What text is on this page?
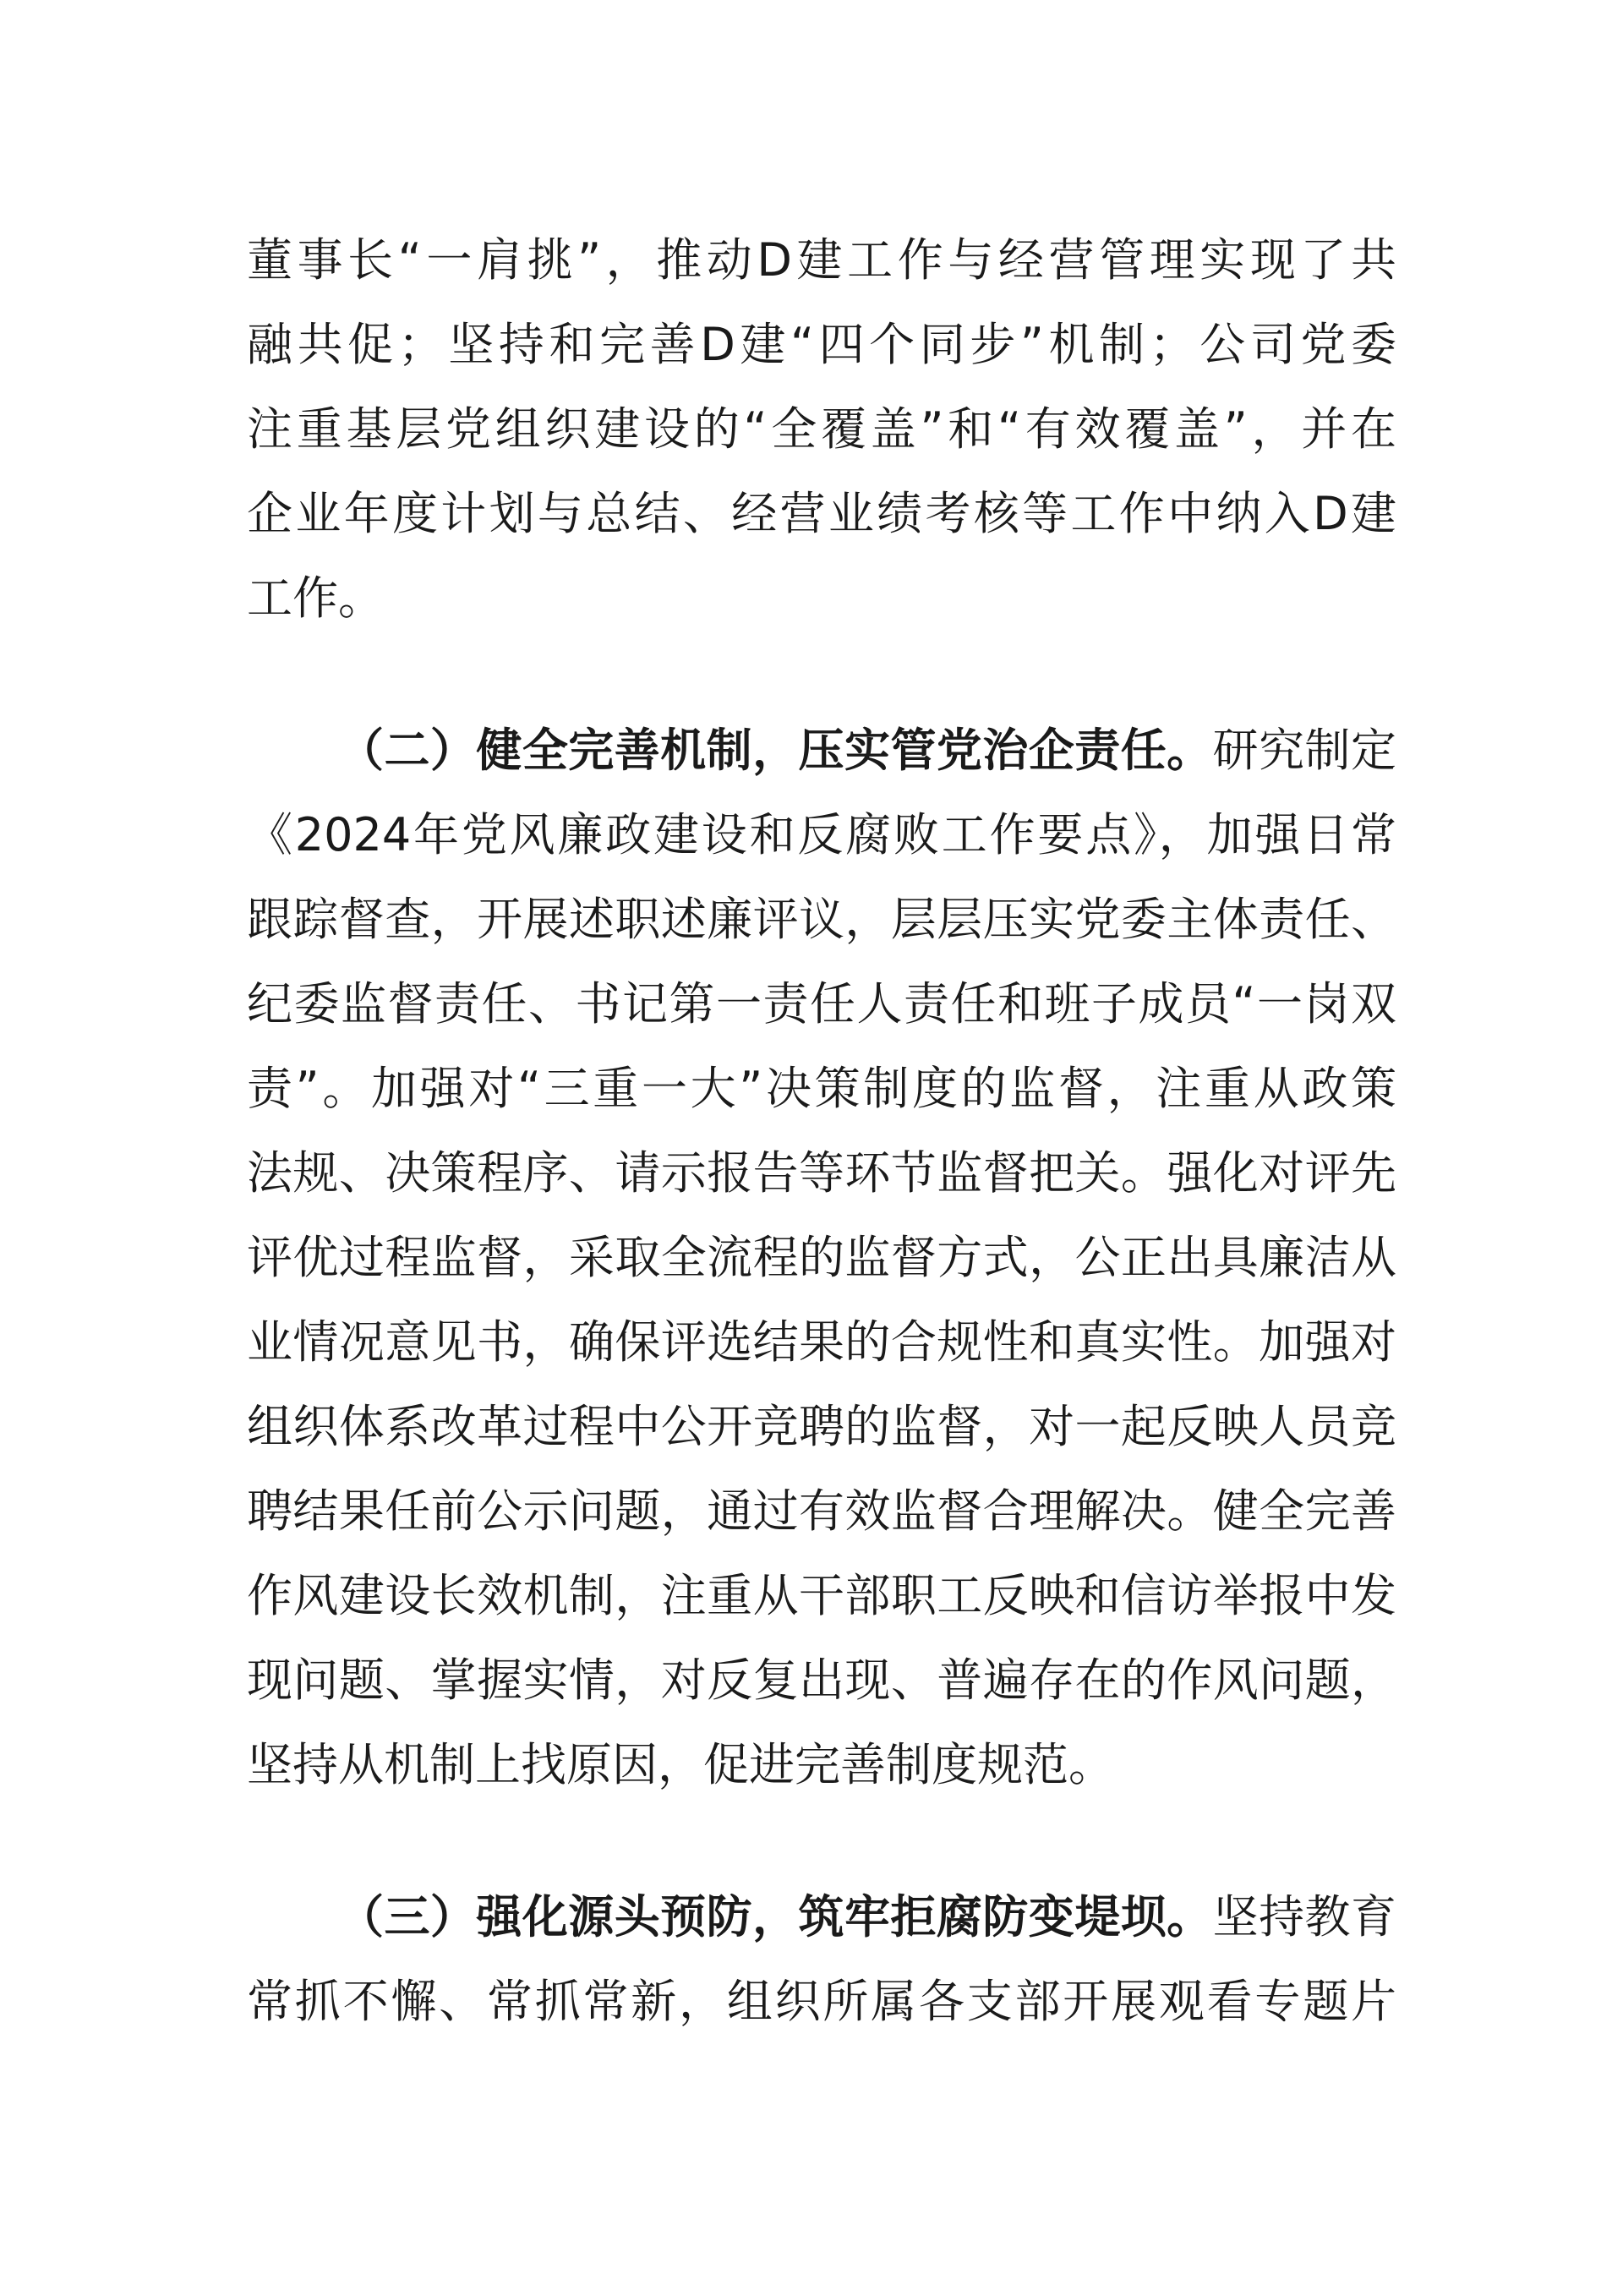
董事长“一肩挑”，推动D建工作与经营管理实现了共
融共促；坚持和完善D建“四个同步”机制；公司党委
注重基层党组织建设的“全覆盖”和“有效覆盖”，并在
企业年度计划与总结、经营业绩考核等工作中纳入D建
工作。
（二）健全完善机制，压实管党治企责任。研究制定
《2024年党风廉政建设和反腐败工作要点》，加强日常
跟踪督查，开展述职述廉评议，层层压实党委主体责任、
纪委监督责任、书记第一责任人责任和班子成员“一岗双
责”。加强对“三重一大”决策制度的监督，注重从政策
法规、决策程序、请示报告等环节监督把关。强化对评先
评优过程监督，采取全流程的监督方式，公正出具廉洁从
业情况意见书，确保评选结果的合规性和真实性。加强对
组织体系改革过程中公开竞聘的监督，对一起反映人员竞
聘结果任前公示问题，通过有效监督合理解决。健全完善
作风建设长效机制，注重从干部职工反映和信访举报中发
现问题、掌握实情，对反复出现、普遍存在的作风问题，
坚持从机制上找原因，促进完善制度规范。
（三）强化源头预防，筑牢拒腐防变堤坝。坚持教育
常抓不懈、常抓常新，组织所属各支部开展观看专题片
